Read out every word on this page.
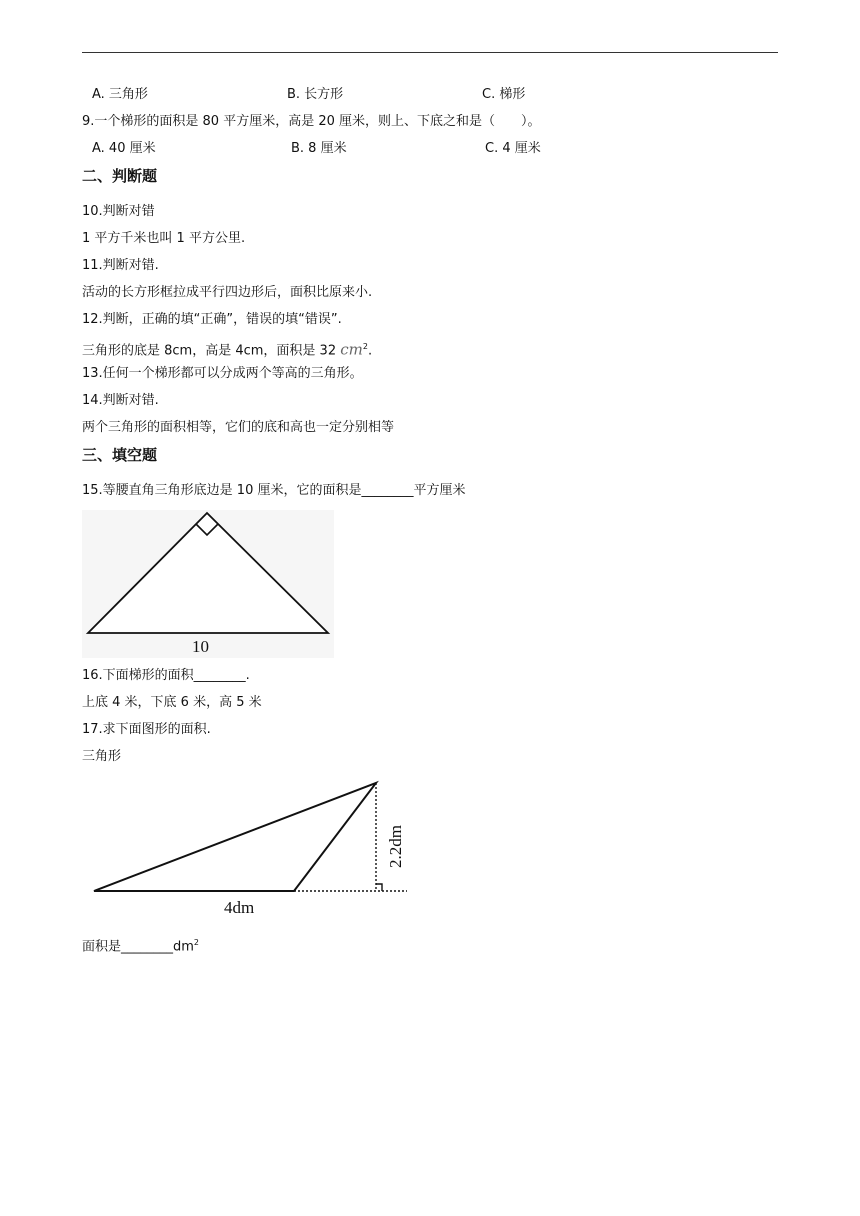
A. 三角形	B. 长方形	C. 梯形
9.一个梯形的面积是 80 平方厘米，高是 20 厘米，则上、下底之和是（　　）。
A. 40 厘米	B. 8 厘米	C. 4 厘米
二、判断题
10.判断对错
1 平方千米也叫 1 平方公里.
11.判断对错.
活动的长方形框拉成平行四边形后，面积比原来小.
12.判断，正确的填“正确”，错误的填“错误”.
三角形的底是 8cm，高是 4cm，面积是 32 $cm^2$.
13.任何一个梯形都可以分成两个等高的三角形。
14.判断对错.
两个三角形的面积相等，它们的底和高也一定分别相等
三、填空题
15.等腰直角三角形底边是 10 厘米，它的面积是________平方厘米
10
16.下面梯形的面积________.
上底 4 米，下底 6 米，高 5 米
17.求下面图形的面积.
三角形
4dm
2.2dm
面积是$\_\_\_\_\_\_\_\_dm^2$
